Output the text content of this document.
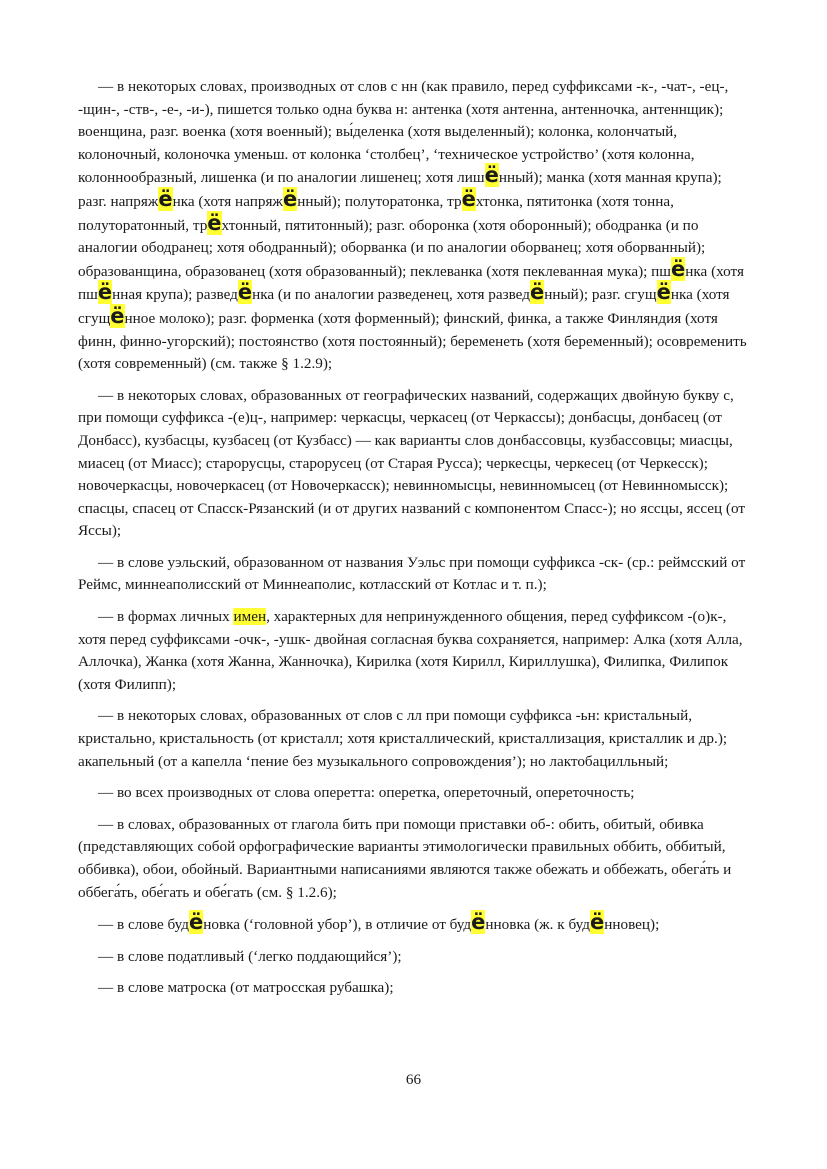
— в некоторых словах, производных от слов с нн (как правило, перед суффиксами -к-, -чат-, -ец-, -щин-, -ств-, -е-, -и-), пишется только одна буква н: антенка (хотя антенна, антенночка, антеннщик); военщина, разг. военка (хотя военный); вы́деленка (хотя выделенный); колонка, колончатый, колоночный, колоночка уменьш. от колонка ‘столбец’, ‘техническое устройство’ (хотя колонна, колоннообразный, лишенка (и по аналогии лишенец; хотя лишённый); манка (хотя манная крупа); разг. напряжёнка (хотя напряжённый); полуторатонка, трёхтонка, пятитонка (хотя тонна, полуторатонный, трёхтонный, пятитонный); разг. оборонка (хотя оборонный); ободранка (и по аналогии ободранец; хотя ободранный); оборванка (и по аналогии оборванец; хотя оборванный); образованщина, образованец (хотя образованный); пеклеванка (хотя пеклеванная мука); пшёнка (хотя пшённая крупа); разведёнка (и по аналогии разведенец, хотя разведённый); разг. сгущёнка (хотя сгущённое молоко); разг. форменка (хотя форменный); финский, финка, а также Финляндия (хотя финн, финно-угорский); постоянство (хотя постоянный); беременеть (хотя беременный); осовременить (хотя современный) (см. также § 1.2.9);

— в некоторых словах, образованных от географических названий, содержащих двойную букву с, при помощи суффикса -(е)ц-, например: черкасцы, черкасец (от Черкассы); донбасцы, донбасец (от Донбасс), кузбасцы, кузбасец (от Кузбасс) — как варианты слов донбассовцы, кузбассовцы; миасцы, миасец (от Миасс); старорусцы, старорусец (от Старая Русса); черкесцы, черкесец (от Черкесск); новочеркасцы, новочеркасец (от Новочеркасск); невинномысцы, невинномысец (от Невинномысск); спасцы, спасец от Спасск-Рязанский (и от других названий с компонентом Спасс-); но яссцы, яссец (от Яссы);

— в слове уэльский, образованном от названия Уэльс при помощи суффикса -ск- (ср.: реймсский от Реймс, миннеаполисский от Миннеаполис, котласский от Котлас и т. п.);

— в формах личных имен, характерных для непринужденного общения, перед суффиксом -(о)к-, хотя перед суффиксами -очк-, -ушк- двойная согласная буква сохраняется, например: Алка (хотя Алла, Аллочка), Жанка (хотя Жанна, Жанночка), Кирилка (хотя Кирилл, Кириллушка), Филипка, Филипок (хотя Филипп);

— в некоторых словах, образованных от слов с лл при помощи суффикса -ьн: кристальный, кристально, кристальность (от кристалл; хотя кристаллический, кристаллизация, кристаллик и др.); акапельный (от а капелла ‘пение без музыкального сопровождения’); но лактобацилльный;

— во всех производных от слова оперетта: оперетка, опереточный, опереточность;

— в словах, образованных от глагола бить при помощи приставки об-: обить, обитый, обивка (представляющих собой орфографические варианты этимологически правильных оббить, оббитый, оббивка), обои, обойный. Вариантными написаниями являются также обежать и оббежать, обега́ть и оббега́ть, обе́гать и обе́гать (см. § 1.2.6);

— в слове будёновка (‘головной убор’), в отличие от будённовка (ж. к будённовец);

— в слове податливый (‘легко поддающийся’);

— в слове матроска (от матросская рубашка);

66
